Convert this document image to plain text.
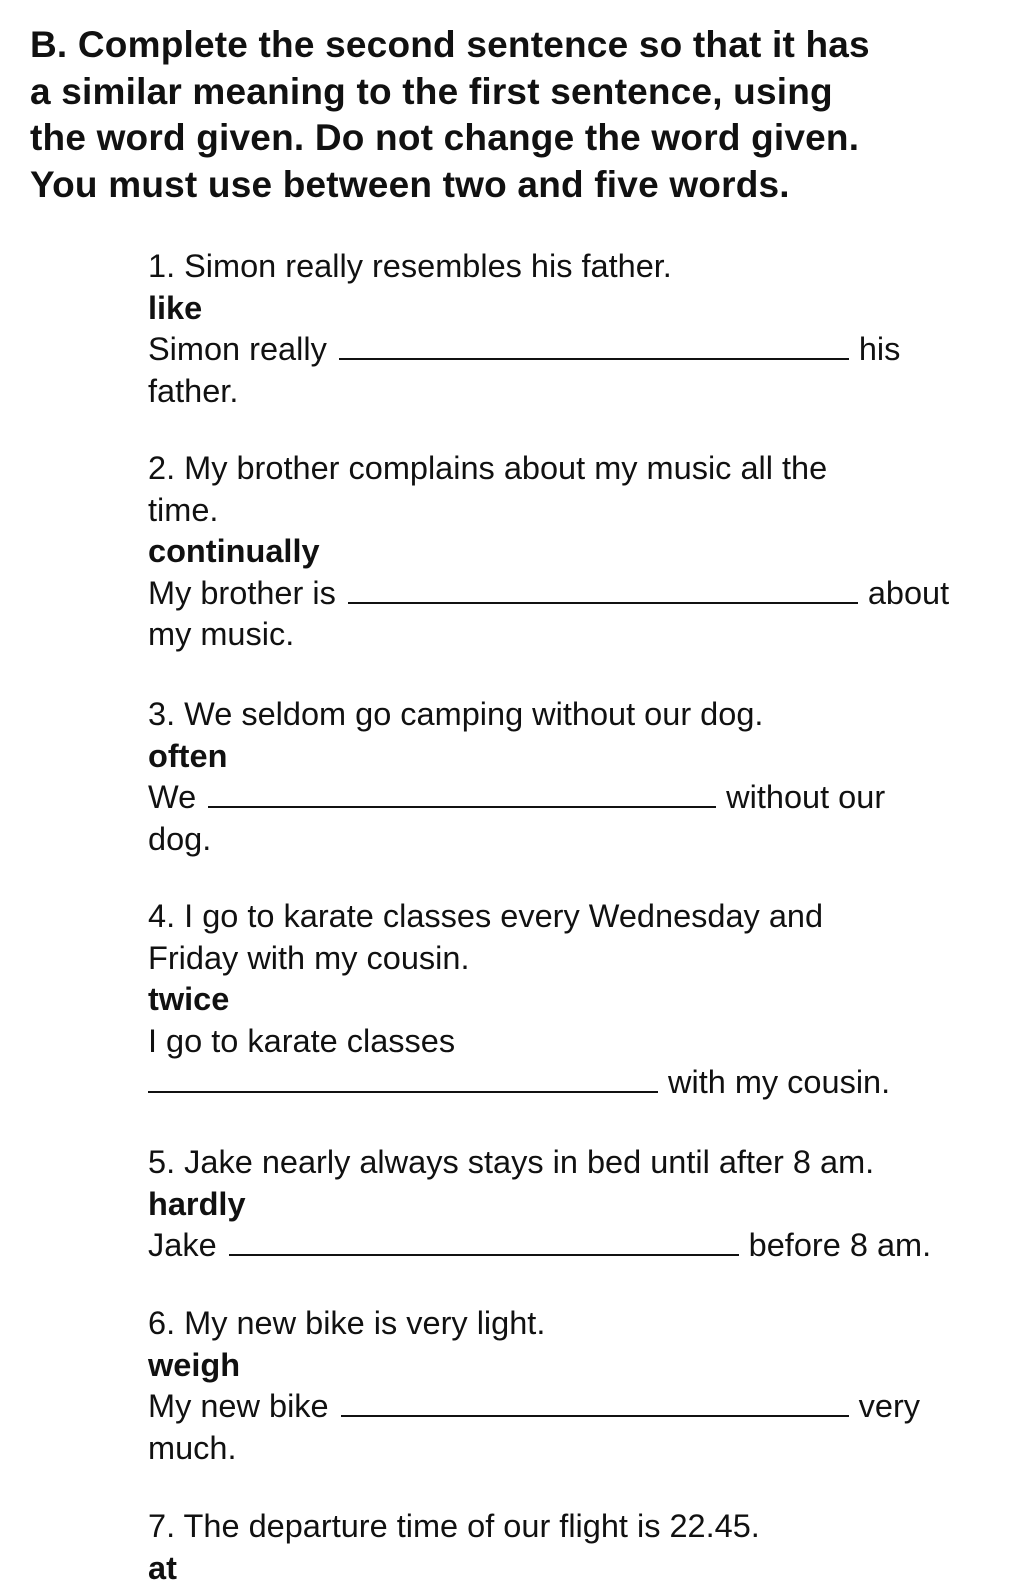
B. Complete the second sentence so that it has
a similar meaning to the first sentence, using
the word given. Do not change the word given.
You must use between two and five words.
1. Simon really resembles his father.
like
Simon really	his
father.
2. My brother complains about my music all the
time.
continually
My brother is	about
my music.
3. We seldom go camping without our dog.
often
We	without our
dog.
4. I go to karate classes every Wednesday and
Friday with my cousin.
twice
I go to karate classes
with my cousin.
5. Jake nearly always stays in bed until after 8 am.
hardly
Jake	before 8 am.
6. My new bike is very light.
weigh
My new bike	very
much.
7. The departure time of our flight is 22.45.
at
